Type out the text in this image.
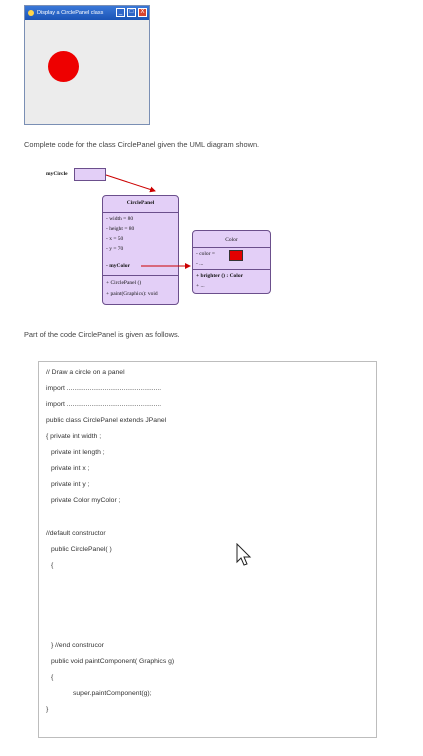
Display a CirclePanel class	_	□	X
Complete code for the class CirclePanel given the UML diagram shown.
myCircle
CirclePanel
- width = 80
- height = 80
- x = 50
- y = 70
- myColor
+ CirclePanel ()
+ paint(Graphics): void
Color
- color =
- ...
+ brighter () : Color
+ ...
Part of the code CirclePanel is given as follows.
// Draw a circle on a panel
import ..................................................
import ..................................................
public class CirclePanel extends JPanel
{ private int width ;
private int length ;
private int x ;
private int y ;
private Color myColor ;
//default constructor
public CirclePanel( )
{
} //end construcor
public void paintComponent( Graphics g)
{
super.paintComponent(g);
}
